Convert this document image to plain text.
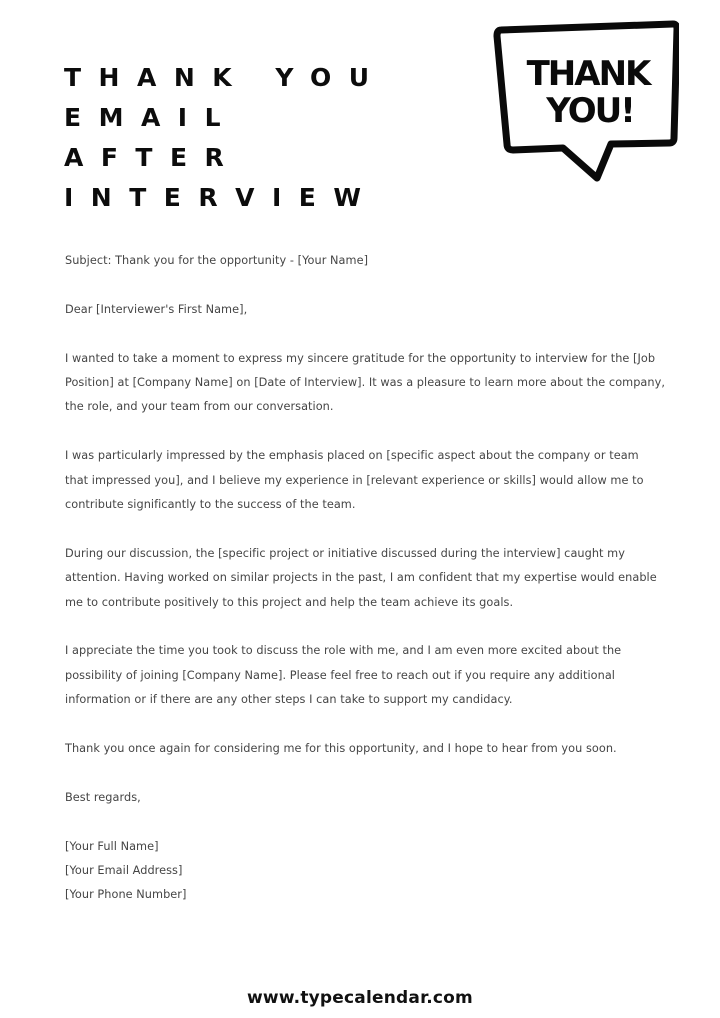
THANK YOU
EMAIL
AFTER
INTERVIEW
THANK
YOU!

Subject: Thank you for the opportunity - [Your Name]

Dear [Interviewer's First Name],

I wanted to take a moment to express my sincere gratitude for the opportunity to interview for the [Job Position] at [Company Name] on [Date of Interview]. It was a pleasure to learn more about the company, the role, and your team from our conversation.

I was particularly impressed by the emphasis placed on [specific aspect about the company or team that impressed you], and I believe my experience in [relevant experience or skills] would allow me to contribute significantly to the success of the team.

During our discussion, the [specific project or initiative discussed during the interview] caught my attention. Having worked on similar projects in the past, I am confident that my expertise would enable me to contribute positively to this project and help the team achieve its goals.

I appreciate the time you took to discuss the role with me, and I am even more excited about the possibility of joining [Company Name]. Please feel free to reach out if you require any additional information or if there are any other steps I can take to support my candidacy.

Thank you once again for considering me for this opportunity, and I hope to hear from you soon.

Best regards,

[Your Full Name]
[Your Email Address]
[Your Phone Number]
www.typecalendar.com
